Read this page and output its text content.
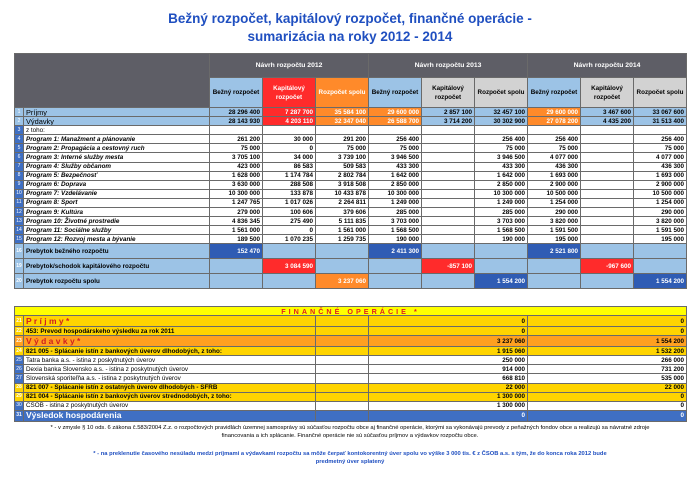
Bežný rozpočet, kapitálový rozpočet, finančné operácie -
sumarizácia na roky 2012 - 2014
		Návrh rozpočtu 2012			Návrh rozpočtu 2013			Návrh rozpočtu 2014		
		Bežný rozpočet	Kapitálový rozpočet	Rozpočet spolu	Bežný rozpočet	Kapitálový rozpočet	Rozpočet spolu	Bežný rozpočet	Kapitálový rozpočet	Rozpočet spolu
1	Príjmy	28 296 400	7 287 700	35 584 100	29 600 000	2 857 100	32 457 100	29 600 000	3 467 600	33 067 600
2	Výdavky	28 143 930	4 203 110	32 347 040	26 588 700	3 714 200	30 302 900	27 078 200	4 435 200	31 513 400
3	z toho:									
4	Program 1: Manažment a plánovanie	261 200	30 000	291 200	256 400		256 400	256 400		256 400
5	Program 2: Propagácia a cestovný ruch	75 000	0	75 000	75 000		75 000	75 000		75 000
6	Program 3: Interné služby mesta	3 705 100	34 000	3 739 100	3 946 500		3 946 500	4 077 000		4 077 000
7	Program 4: Služby občanom	423 000	86 583	509 583	433 300		433 300	436 300		436 300
8	Program 5: Bezpečnosť	1 628 000	1 174 784	2 802 784	1 642 000		1 642 000	1 693 000		1 693 000
9	Program 6: Doprava	3 630 000	288 508	3 918 508	2 850 000		2 850 000	2 900 000		2 900 000
10	Program 7: Vzdelávanie	10 300 000	133 878	10 433 878	10 300 000		10 300 000	10 500 000		10 500 000
11	Program 8: Šport	1 247 765	1 017 026	2 264 811	1 249 000		1 249 000	1 254 000		1 254 000
12	Program 9: Kultúra	279 000	100 606	379 606	285 000		285 000	290 000		290 000
13	Program 10: Životné prostredie	4 836 345	275 490	5 111 835	3 703 000		3 703 000	3 820 000		3 820 000
14	Program 11: Sociálne služby	1 561 000	0	1 561 000	1 568 500		1 568 500	1 591 500		1 591 500
15	Program 12: Rozvoj mesta a bývanie	189 500	1 070 235	1 259 735	190 000		190 000	195 000		195 000
16	Prebytok bežného rozpočtu	152 470			2 411 300			2 521 800		
19	Prebytok/schodok kapitálového rozpočtu		3 084 590			-857 100			-967 600	
20	Prebytok rozpočtu spolu			3 237 060			1 554 200			1 554 200
FINANČNÉ OPERÁCIE *					
21	P r í j m y *		0	0	
22	453: Prevod hospodárskeho výsledku za rok 2011		0	0	
23	V ý d a v k y *		3 237 060	1 554 200	
24	821 005 - Splácanie istín z bankových úverov dlhodobých, z toho:		1 915 060	1 532 200	
25	Tatra banka a.s. - istina z poskytnutých úverov		250 000	266 000	
26	Dexia banka Slovensko a.s. - istina z poskytnutých úverov		914 000	731 200	
27	Slovenská sporiteľňa a.s. - istina z poskytnutých úverov		668 810	535 000	
28	821 007 - Splácanie istín z ostatných úverov dlhodobých - ŠFRB		22 000	22 000	
29	821 004 - Splácanie istín z bankových úverov strednodobých, z toho:		1 300 000	0	
30	ČSOB - istina z poskytnutých úverov		1 300 000	0	
31	Výsledok hospodárenia		0	0	
* - v zmysle § 10 ods. 6 zákona č.583/2004 Z.z. o rozpočtových pravidlách územnej samosprávy sú súčasťou rozpočtu obce aj finančné operácie, ktorými sa vykonávajú prevody z peňažných fondov obce a realizujú sa návratné zdroje
financovania a ich splácanie. Finančné operácie nie sú súčasťou príjmov a výdavkov rozpočtu obce.
* - na preklenutie časového nesúladu medzi príjmami a výdavkami rozpočtu sa môže čerpať kontokorentný úver spolu vo výške 3 000 tis. € z ČSOB a.s. s tým, že do konca roka 2012 bude
predmetný úver splatený
